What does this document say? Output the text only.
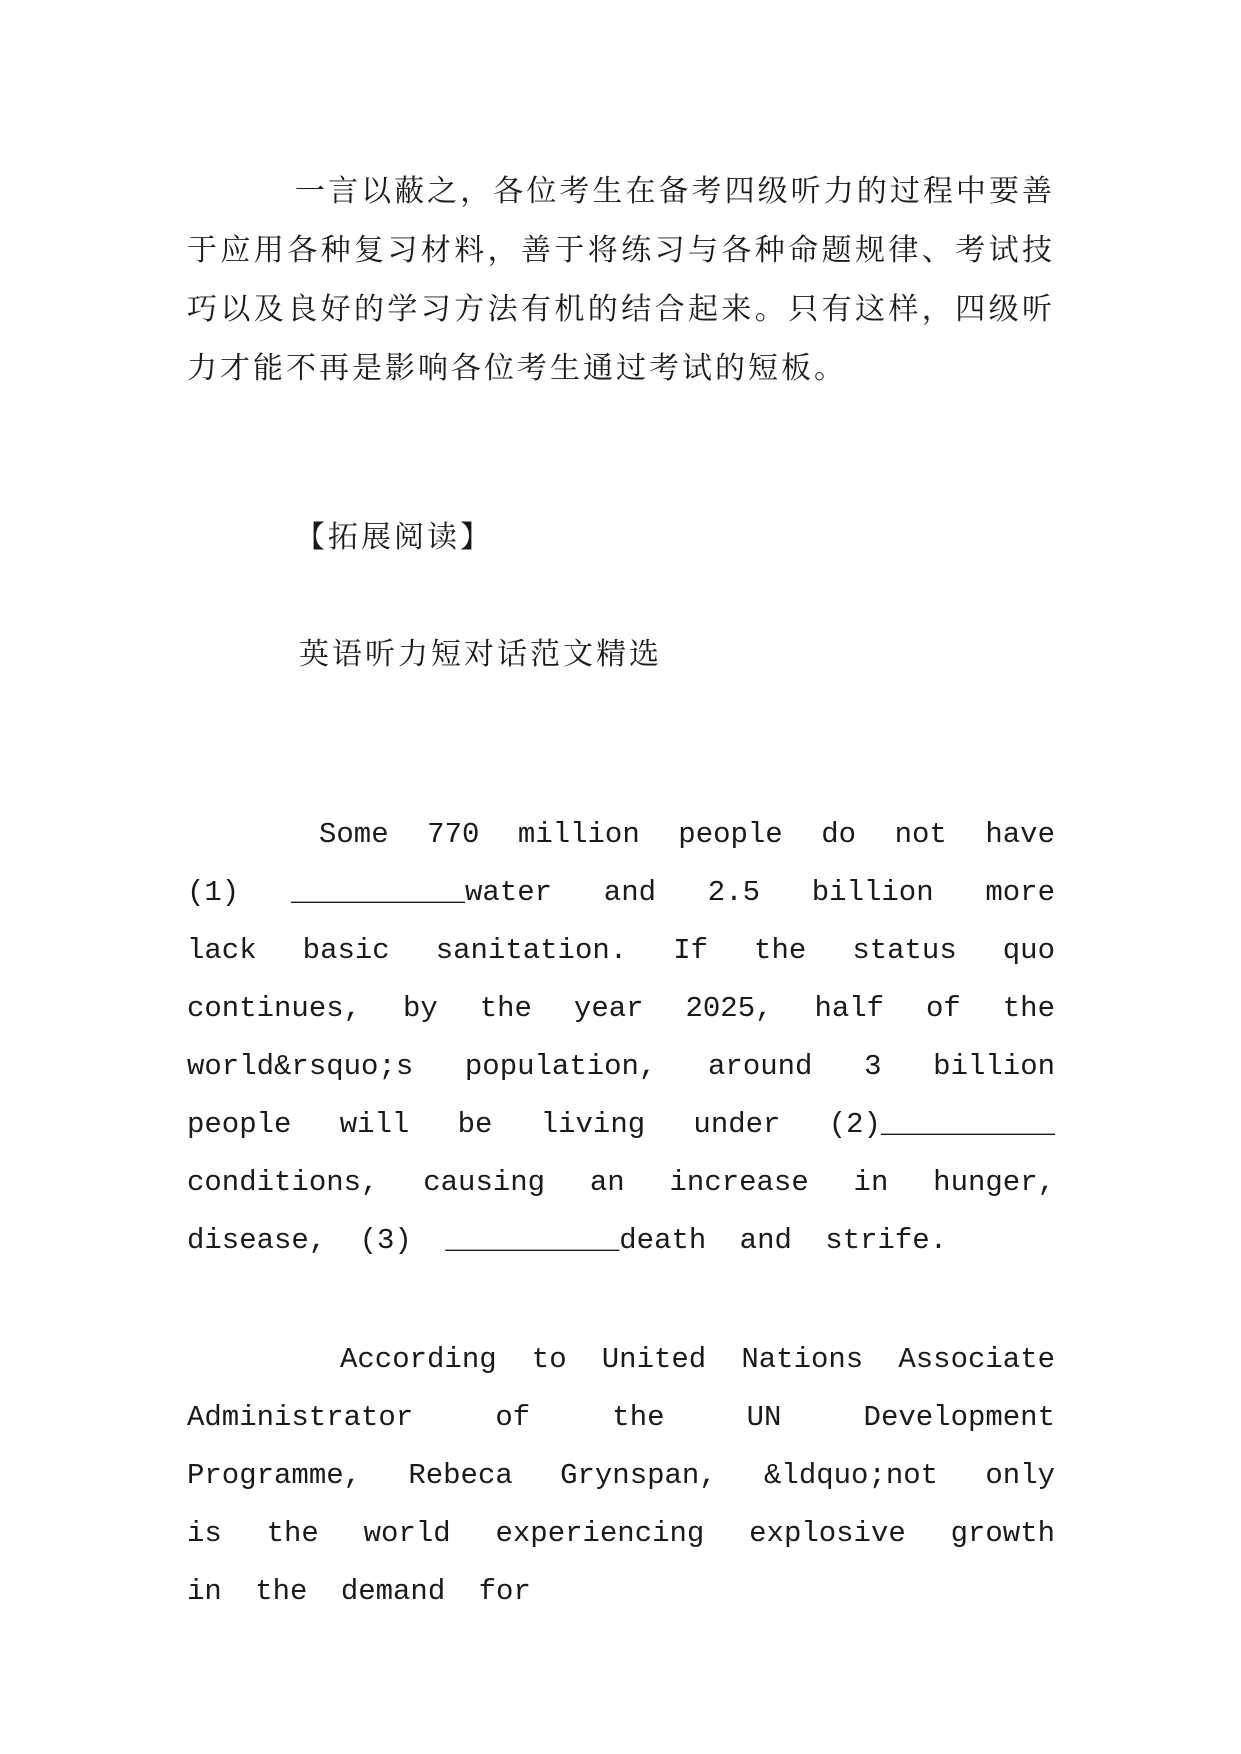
一言以蔽之，各位考生在备考四级听力的过程中要善于应用各种复习材料，善于将练习与各种命题规律、考试技巧以及良好的学习方法有机的结合起来。只有这样，四级听力才能不再是影响各位考生通过考试的短板。

【拓展阅读】

英语听力短对话范文精选

Some 770 million people do not have (1) __________water and 2.5 billion more lack basic sanitation. If the status quo continues, by the year 2025, half of the world&rsquo;s population, around 3 billion people will be living under (2)__________ conditions, causing an increase in hunger, disease, (3) __________death and strife.

According to United Nations Associate Administrator of the UN Development Programme, Rebeca Grynspan, &ldquo;not only is the world experiencing explosive growth in the demand for
